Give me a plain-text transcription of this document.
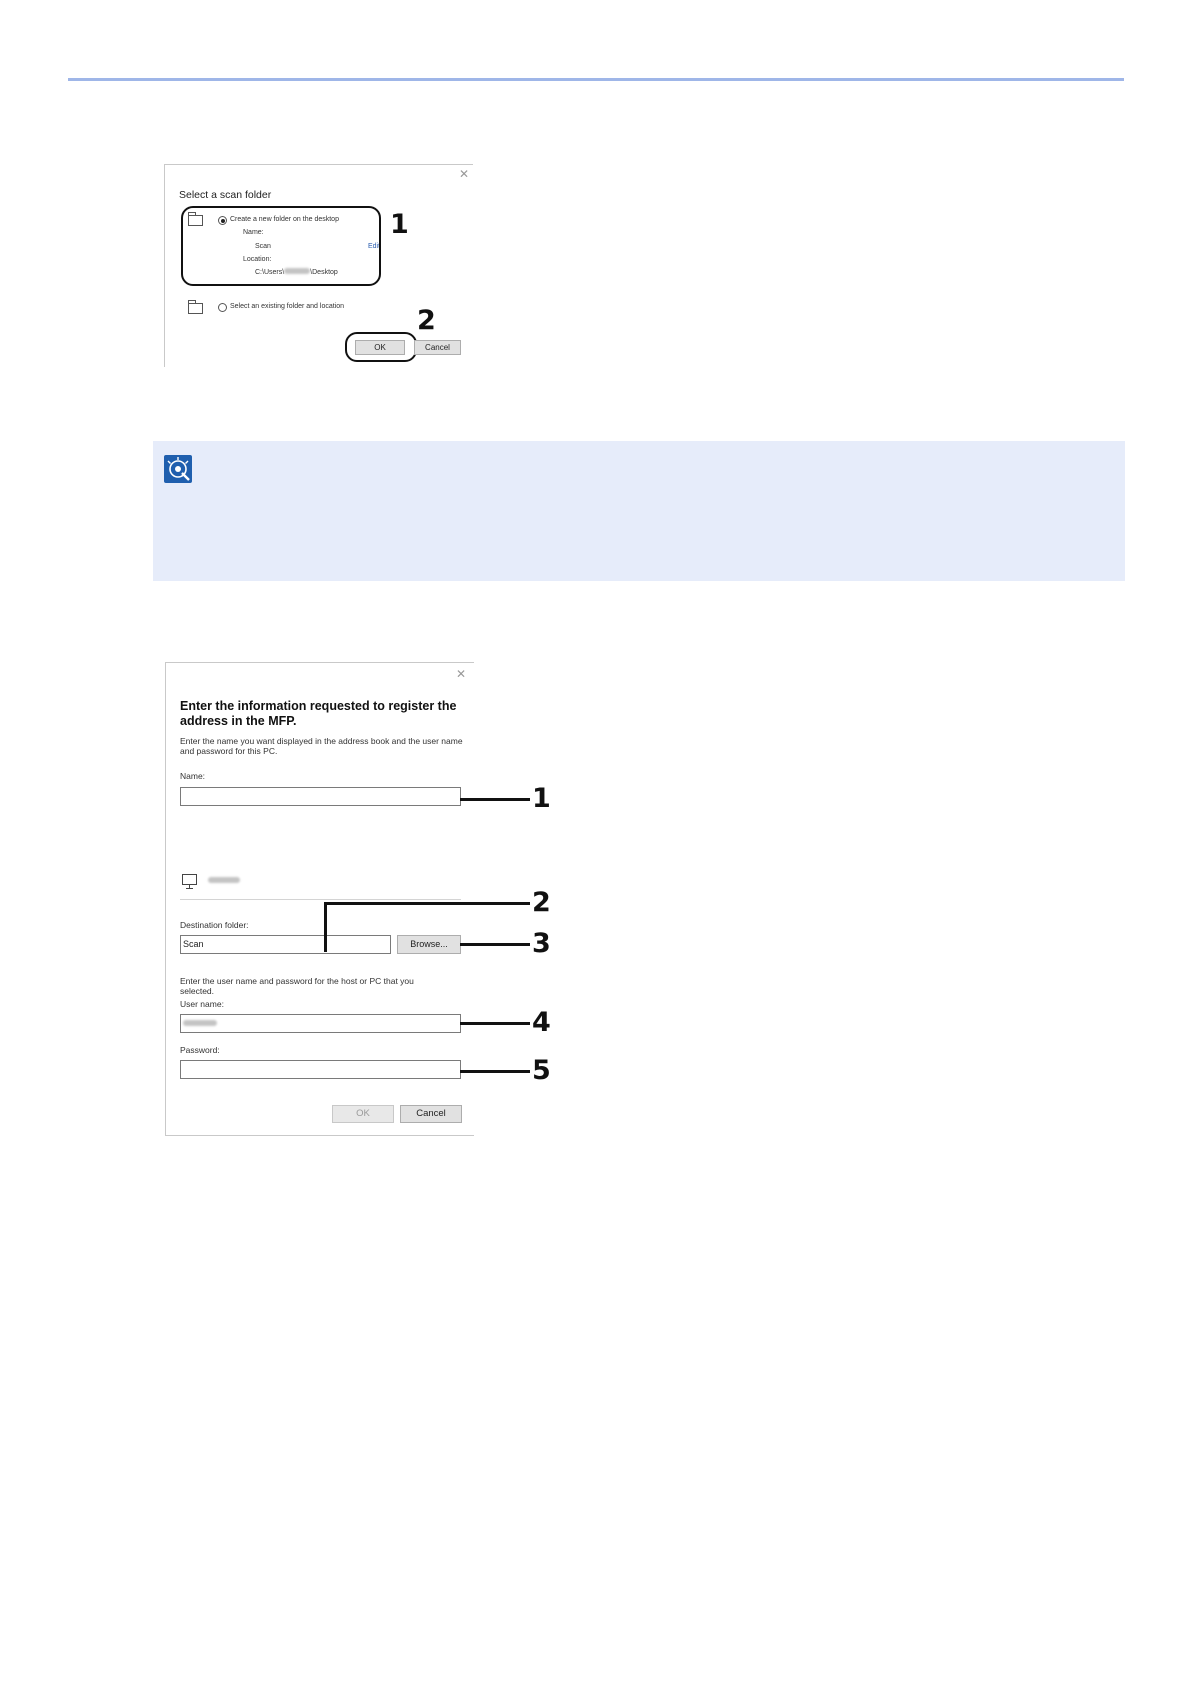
✕
Select a scan folder
Create a new folder on the desktop
Name:
Scan	Edit
Location:
C:\Users\	\Desktop
1
Select an existing folder and location	2
OK	Cancel
✕
Enter the information requested to register the address in the MFP.
Enter the name you want displayed in the address book and the user name and password for this PC.
Name:
Destination folder:
Scan	Browse...
Enter the user name and password for the host or PC that you selected.
User name:
Password:
OK	Cancel
1
2
3
4
5
